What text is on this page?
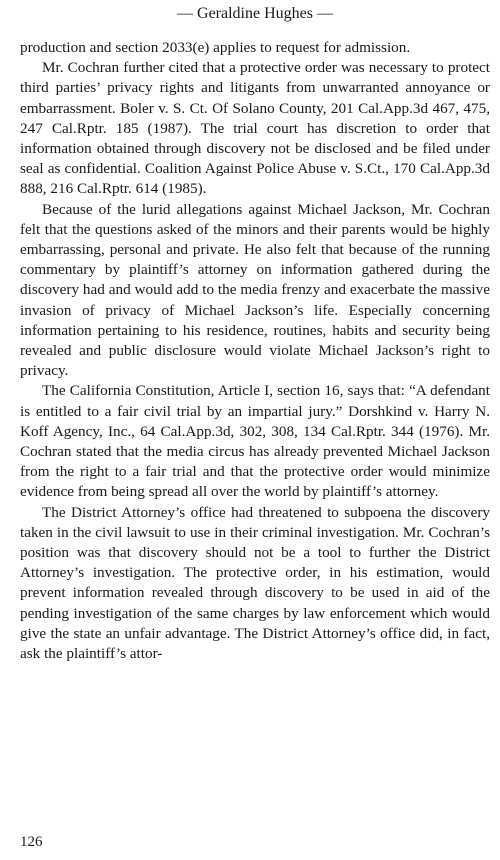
— Geraldine Hughes —

production and section 2033(e) applies to request for admission.

Mr. Cochran further cited that a protective order was necessary to protect third parties’ privacy rights and litigants from unwarranted annoyance or embarrassment. Boler v. S. Ct. Of Solano County, 201 Cal.App.3d 467, 475, 247 Cal.Rptr. 185 (1987). The trial court has discretion to order that information obtained through discovery not be disclosed and be filed under seal as confidential. Coalition Against Police Abuse v. S.Ct., 170 Cal.App.3d 888, 216 Cal.Rptr. 614 (1985).

Because of the lurid allegations against Michael Jackson, Mr. Cochran felt that the questions asked of the minors and their parents would be highly embarrassing, personal and private. He also felt that because of the running commentary by plaintiff’s attorney on information gathered during the discovery had and would add to the media frenzy and exacerbate the massive invasion of privacy of Michael Jackson’s life. Especially concerning information pertaining to his residence, routines, habits and security being revealed and public disclosure would violate Michael Jackson’s right to privacy.

The California Constitution, Article I, section 16, says that: “A defendant is entitled to a fair civil trial by an impartial jury.” Dorshkind v. Harry N. Koff Agency, Inc., 64 Cal.App.3d, 302, 308, 134 Cal.Rptr. 344 (1976). Mr. Cochran stated that the media circus has already prevented Michael Jackson from the right to a fair trial and that the protective order would minimize evidence from being spread all over the world by plaintiff’s attorney.

The District Attorney’s office had threatened to subpoena the discovery taken in the civil lawsuit to use in their criminal investigation. Mr. Cochran’s position was that discovery should not be a tool to further the District Attorney’s investigation. The protective order, in his estimation, would prevent information revealed through discovery to be used in aid of the pending investigation of the same charges by law enforcement which would give the state an unfair advantage. The District Attorney’s office did, in fact, ask the plaintiff’s attor-

126
